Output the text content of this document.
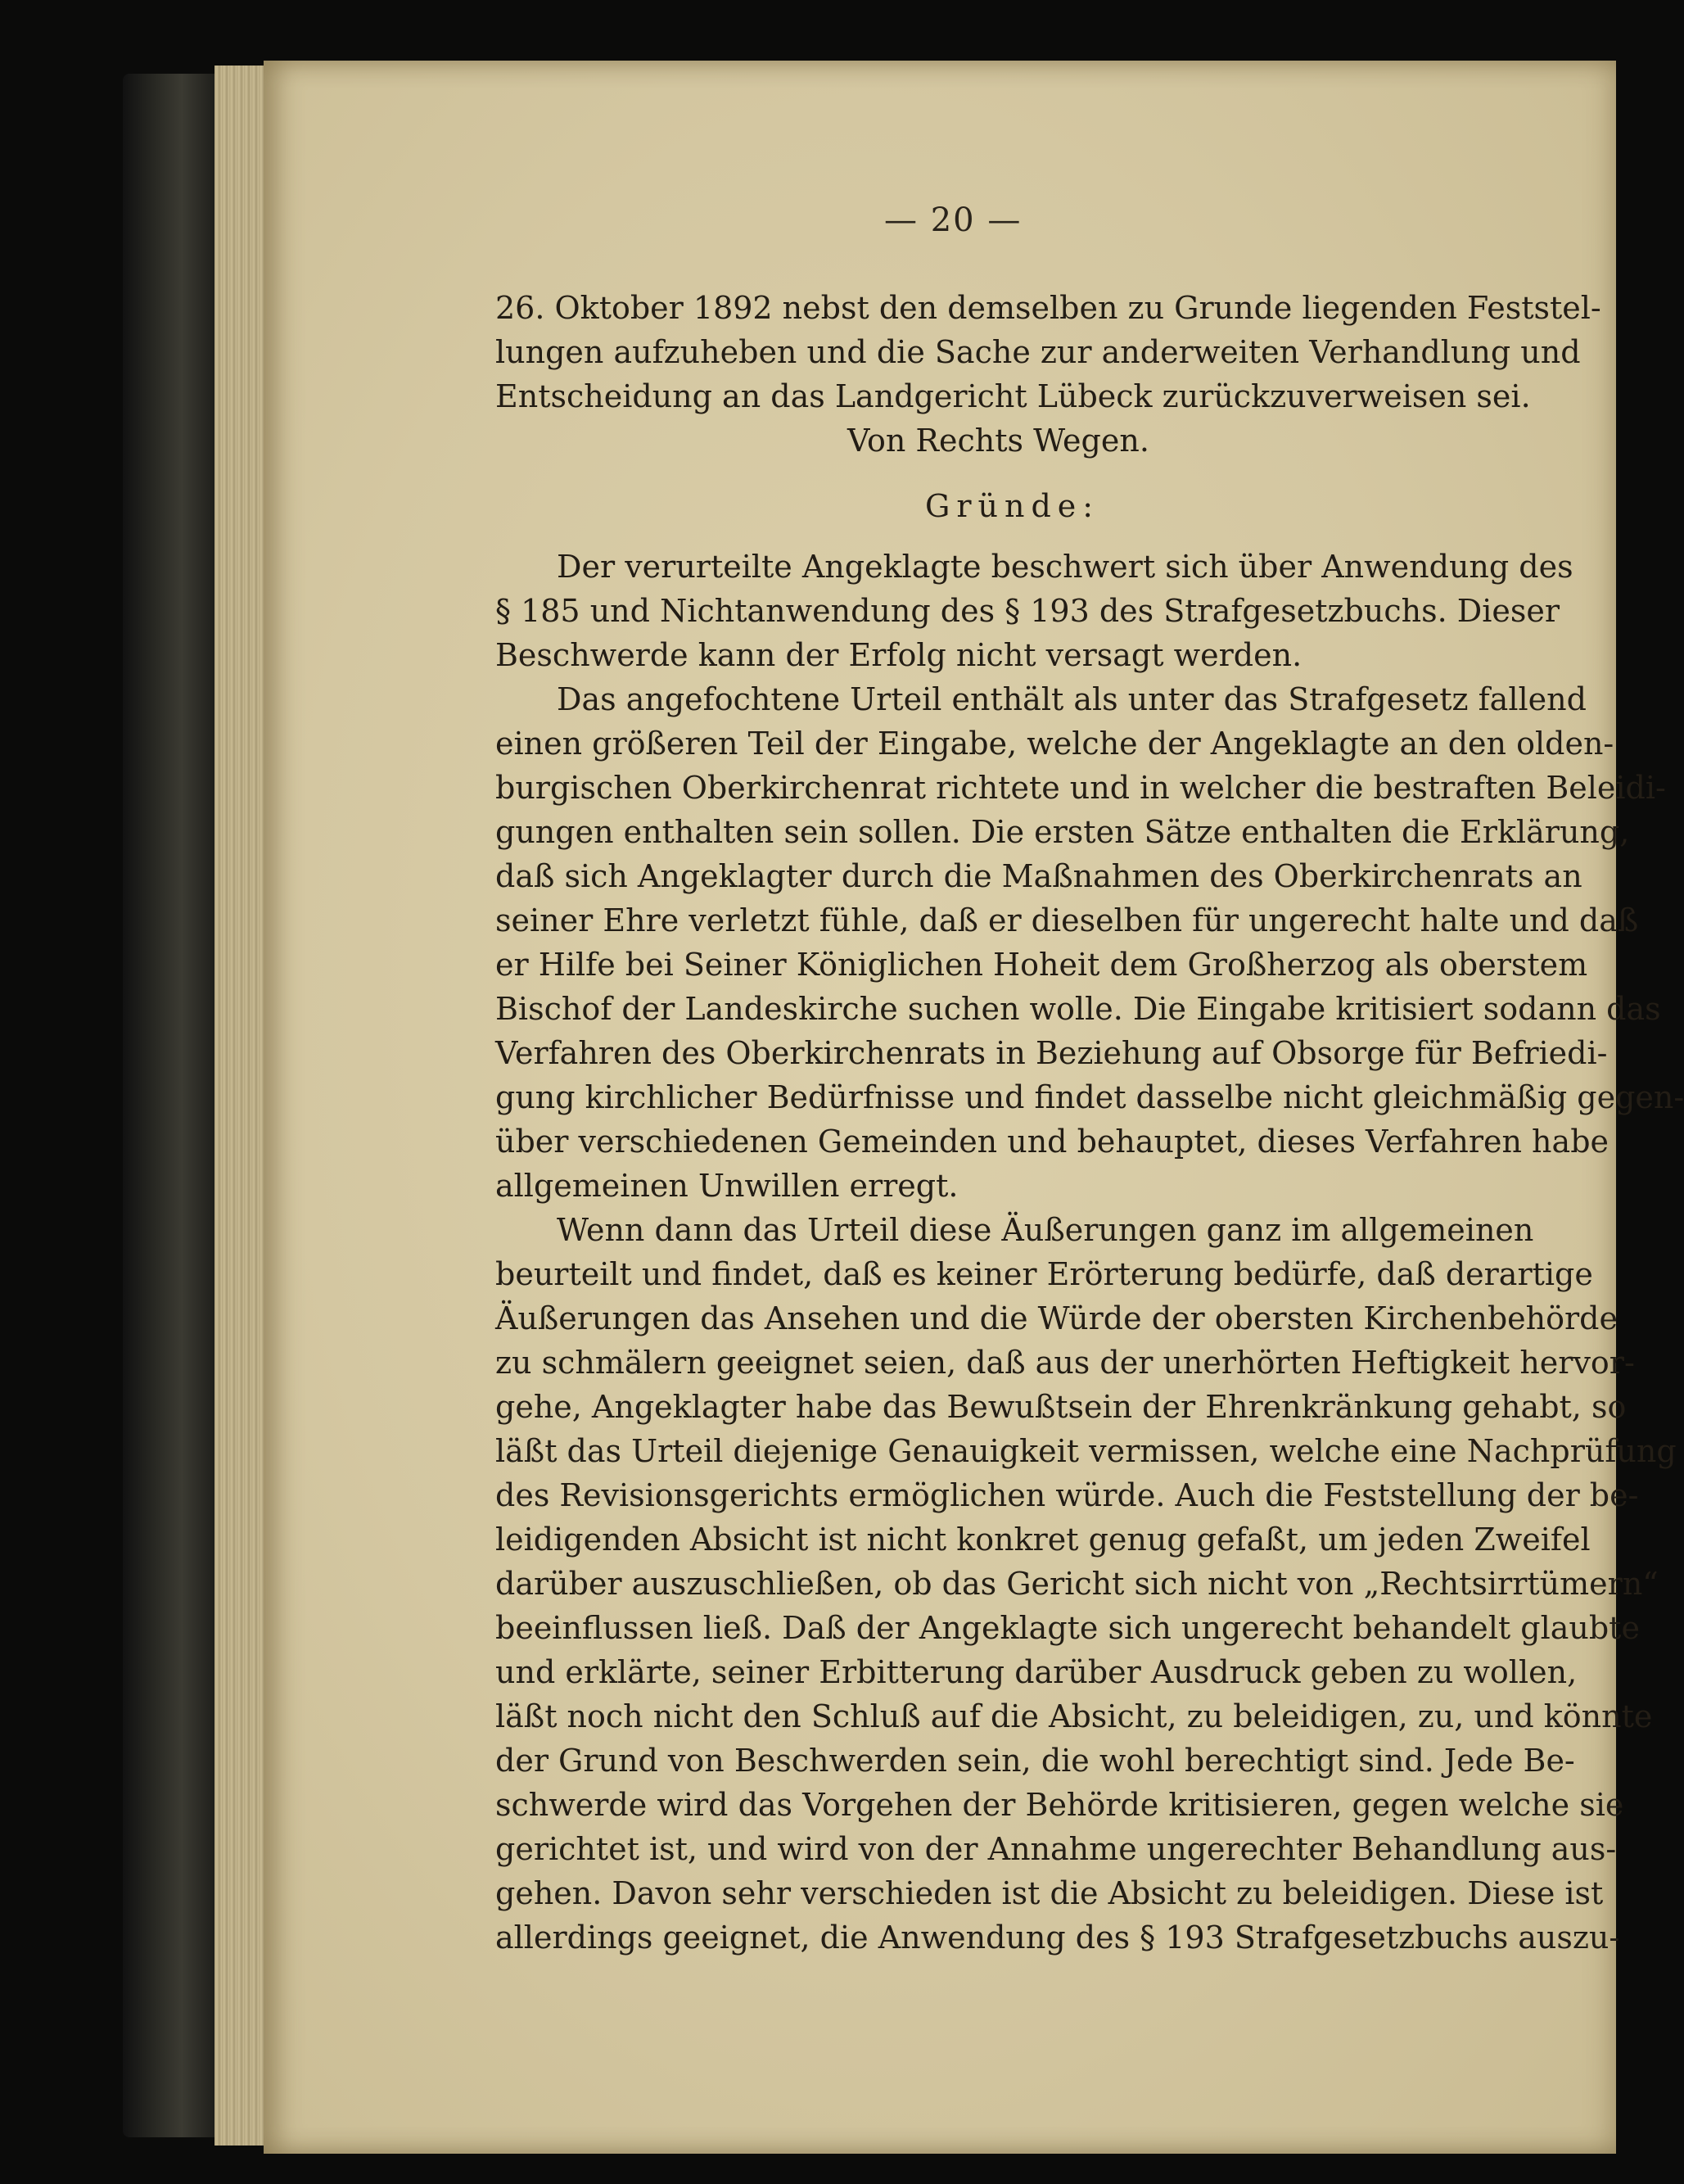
— 20 —
26. Oktober 1892 nebst den demselben zu Grunde liegenden Feststel-
lungen aufzuheben und die Sache zur anderweiten Verhandlung und
Entscheidung an das Landgericht Lübeck zurückzuverweisen sei.
Von Rechts Wegen.
Gründe:
Der verurteilte Angeklagte beschwert sich über Anwendung des
§ 185 und Nichtanwendung des § 193 des Strafgesetzbuchs. Dieser
Beschwerde kann der Erfolg nicht versagt werden.
Das angefochtene Urteil enthält als unter das Strafgesetz fallend
einen größeren Teil der Eingabe, welche der Angeklagte an den olden-
burgischen Oberkirchenrat richtete und in welcher die bestraften Beleidi-
gungen enthalten sein sollen. Die ersten Sätze enthalten die Erklärung,
daß sich Angeklagter durch die Maßnahmen des Oberkirchenrats an
seiner Ehre verletzt fühle, daß er dieselben für ungerecht halte und daß
er Hilfe bei Seiner Königlichen Hoheit dem Großherzog als oberstem
Bischof der Landeskirche suchen wolle. Die Eingabe kritisiert sodann das
Verfahren des Oberkirchenrats in Beziehung auf Obsorge für Befriedi-
gung kirchlicher Bedürfnisse und findet dasselbe nicht gleichmäßig gegen-
über verschiedenen Gemeinden und behauptet, dieses Verfahren habe
allgemeinen Unwillen erregt.
Wenn dann das Urteil diese Äußerungen ganz im allgemeinen
beurteilt und findet, daß es keiner Erörterung bedürfe, daß derartige
Äußerungen das Ansehen und die Würde der obersten Kirchenbehörde
zu schmälern geeignet seien, daß aus der unerhörten Heftigkeit hervor-
gehe, Angeklagter habe das Bewußtsein der Ehrenkränkung gehabt, so
läßt das Urteil diejenige Genauigkeit vermissen, welche eine Nachprüfung
des Revisionsgerichts ermöglichen würde. Auch die Feststellung der be-
leidigenden Absicht ist nicht konkret genug gefaßt, um jeden Zweifel
darüber auszuschließen, ob das Gericht sich nicht von „Rechtsirrtümern“
beeinflussen ließ. Daß der Angeklagte sich ungerecht behandelt glaubte
und erklärte, seiner Erbitterung darüber Ausdruck geben zu wollen,
läßt noch nicht den Schluß auf die Absicht, zu beleidigen, zu, und könnte
der Grund von Beschwerden sein, die wohl berechtigt sind. Jede Be-
schwerde wird das Vorgehen der Behörde kritisieren, gegen welche sie
gerichtet ist, und wird von der Annahme ungerechter Behandlung aus-
gehen. Davon sehr verschieden ist die Absicht zu beleidigen. Diese ist
allerdings geeignet, die Anwendung des § 193 Strafgesetzbuchs auszu-
